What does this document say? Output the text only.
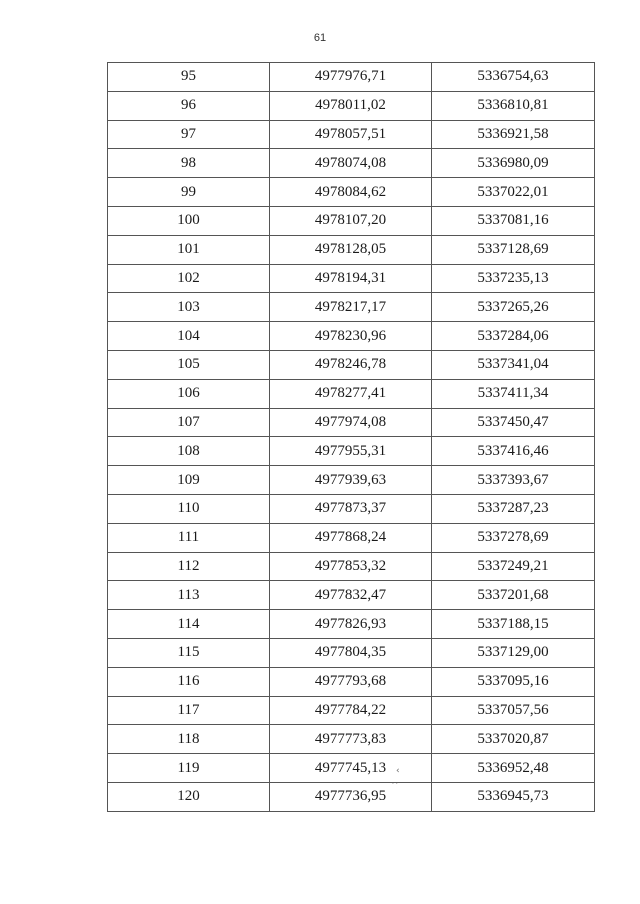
61
95	4977976,71	5336754,63
96	4978011,02	5336810,81
97	4978057,51	5336921,58
98	4978074,08	5336980,09
99	4978084,62	5337022,01
100	4978107,20	5337081,16
101	4978128,05	5337128,69
102	4978194,31	5337235,13
103	4978217,17	5337265,26
104	4978230,96	5337284,06
105	4978246,78	5337341,04
106	4978277,41	5337411,34
107	4977974,08	5337450,47
108	4977955,31	5337416,46
109	4977939,63	5337393,67
110	4977873,37	5337287,23
111	4977868,24	5337278,69
112	4977853,32	5337249,21
113	4977832,47	5337201,68
114	4977826,93	5337188,15
115	4977804,35	5337129,00
116	4977793,68	5337095,16
117	4977784,22	5337057,56
118	4977773,83	5337020,87
119	4977745,13	5336952,48
120	4977736,95	5336945,73
‹
· ·
